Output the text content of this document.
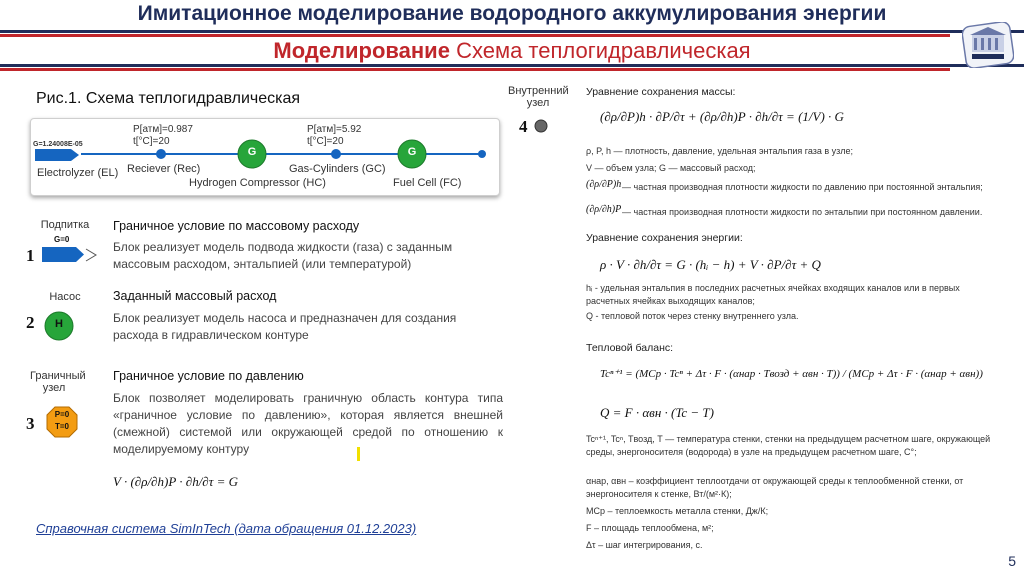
Имитационное моделирование водородного аккумулирования энергии
Моделирование Схема теплогидравлическая
Рис.1. Схема теплогидравлическая
G=1.24008E-05
Electrolyzer (EL)
P[атм]=0.987
t[°C]=20
Reciever (Rec)
G
Hydrogen Compressor (HC)
P[атм]=5.92
t[°C]=20
Gas-Cylinders (GC)
G
Fuel Cell (FC)
Подпитка
1
G=0
Граничное условие по массовому расходу
Блок реализует модель подвода жидкости (газа) с заданным массовым расходом, энтальпией (или температурой)
Насос
2	H
Заданный массовый расход
Блок реализует модель насоса и предназначен для создания расхода в гидравлическом контуре
Граничный узел
3	P=0
T=0
Граничное условие по давлению
Блок позволяет моделировать граничную область контура типа «граничное условие по давлению», которая является внешней (смежной) системой или окружающей средой по отношению к моделируемому контуру
V · (∂ρ/∂h)P · ∂h/∂τ = G
Внутренний узел
4
Уравнение сохранения массы:
(∂ρ/∂P)h · ∂P/∂τ + (∂ρ/∂h)P · ∂h/∂τ = (1/V) · G
ρ, P, h — плотность, давление, удельная энтальпия газа в узле;
V — объем узла; G — массовый расход;
(∂ρ/∂P)h — частная производная плотности жидкости по давлению при постоянной энтальпия;
(∂ρ/∂h)P — частная производная плотности жидкости по энтальпии при постоянном давлении.
Уравнение сохранения энергии:
ρ · V · ∂h/∂τ = G · (hᵢ − h) + V · ∂P/∂τ + Q
hᵢ - удельная энтальпия в последних расчетных ячейках входящих каналов или в первых расчетных ячейках выходящих каналов;
Q - тепловой поток через стенку внутреннего узла.
Тепловой баланс:
Tcⁿ⁺¹ = (MCp · Tcⁿ + Δτ · F · (αнар · Tвозд + αвн · T)) / (MCp + Δτ · F · (αнар + αвн))
Q = F · αвн · (Tc − T)
Tcⁿ⁺¹, Tcⁿ, Tвозд, T — температура стенки, стенки на предыдущем расчетном шаге, окружающей среды, энергоносителя (водорода) в узле на предыдущем расчетном шаге, С°;
αнар, αвн – коэффициент теплоотдачи от окружающей среды к теплообменной стенки, от энергоносителя к стенке, Вт/(м²·К);
MCp – теплоемкость металла стенки, Дж/К;
F – площадь теплообмена, м²;
Δτ – шаг интегрирования, с.
Справочная система SimInTech (дата обращения 01.12.2023)
5
